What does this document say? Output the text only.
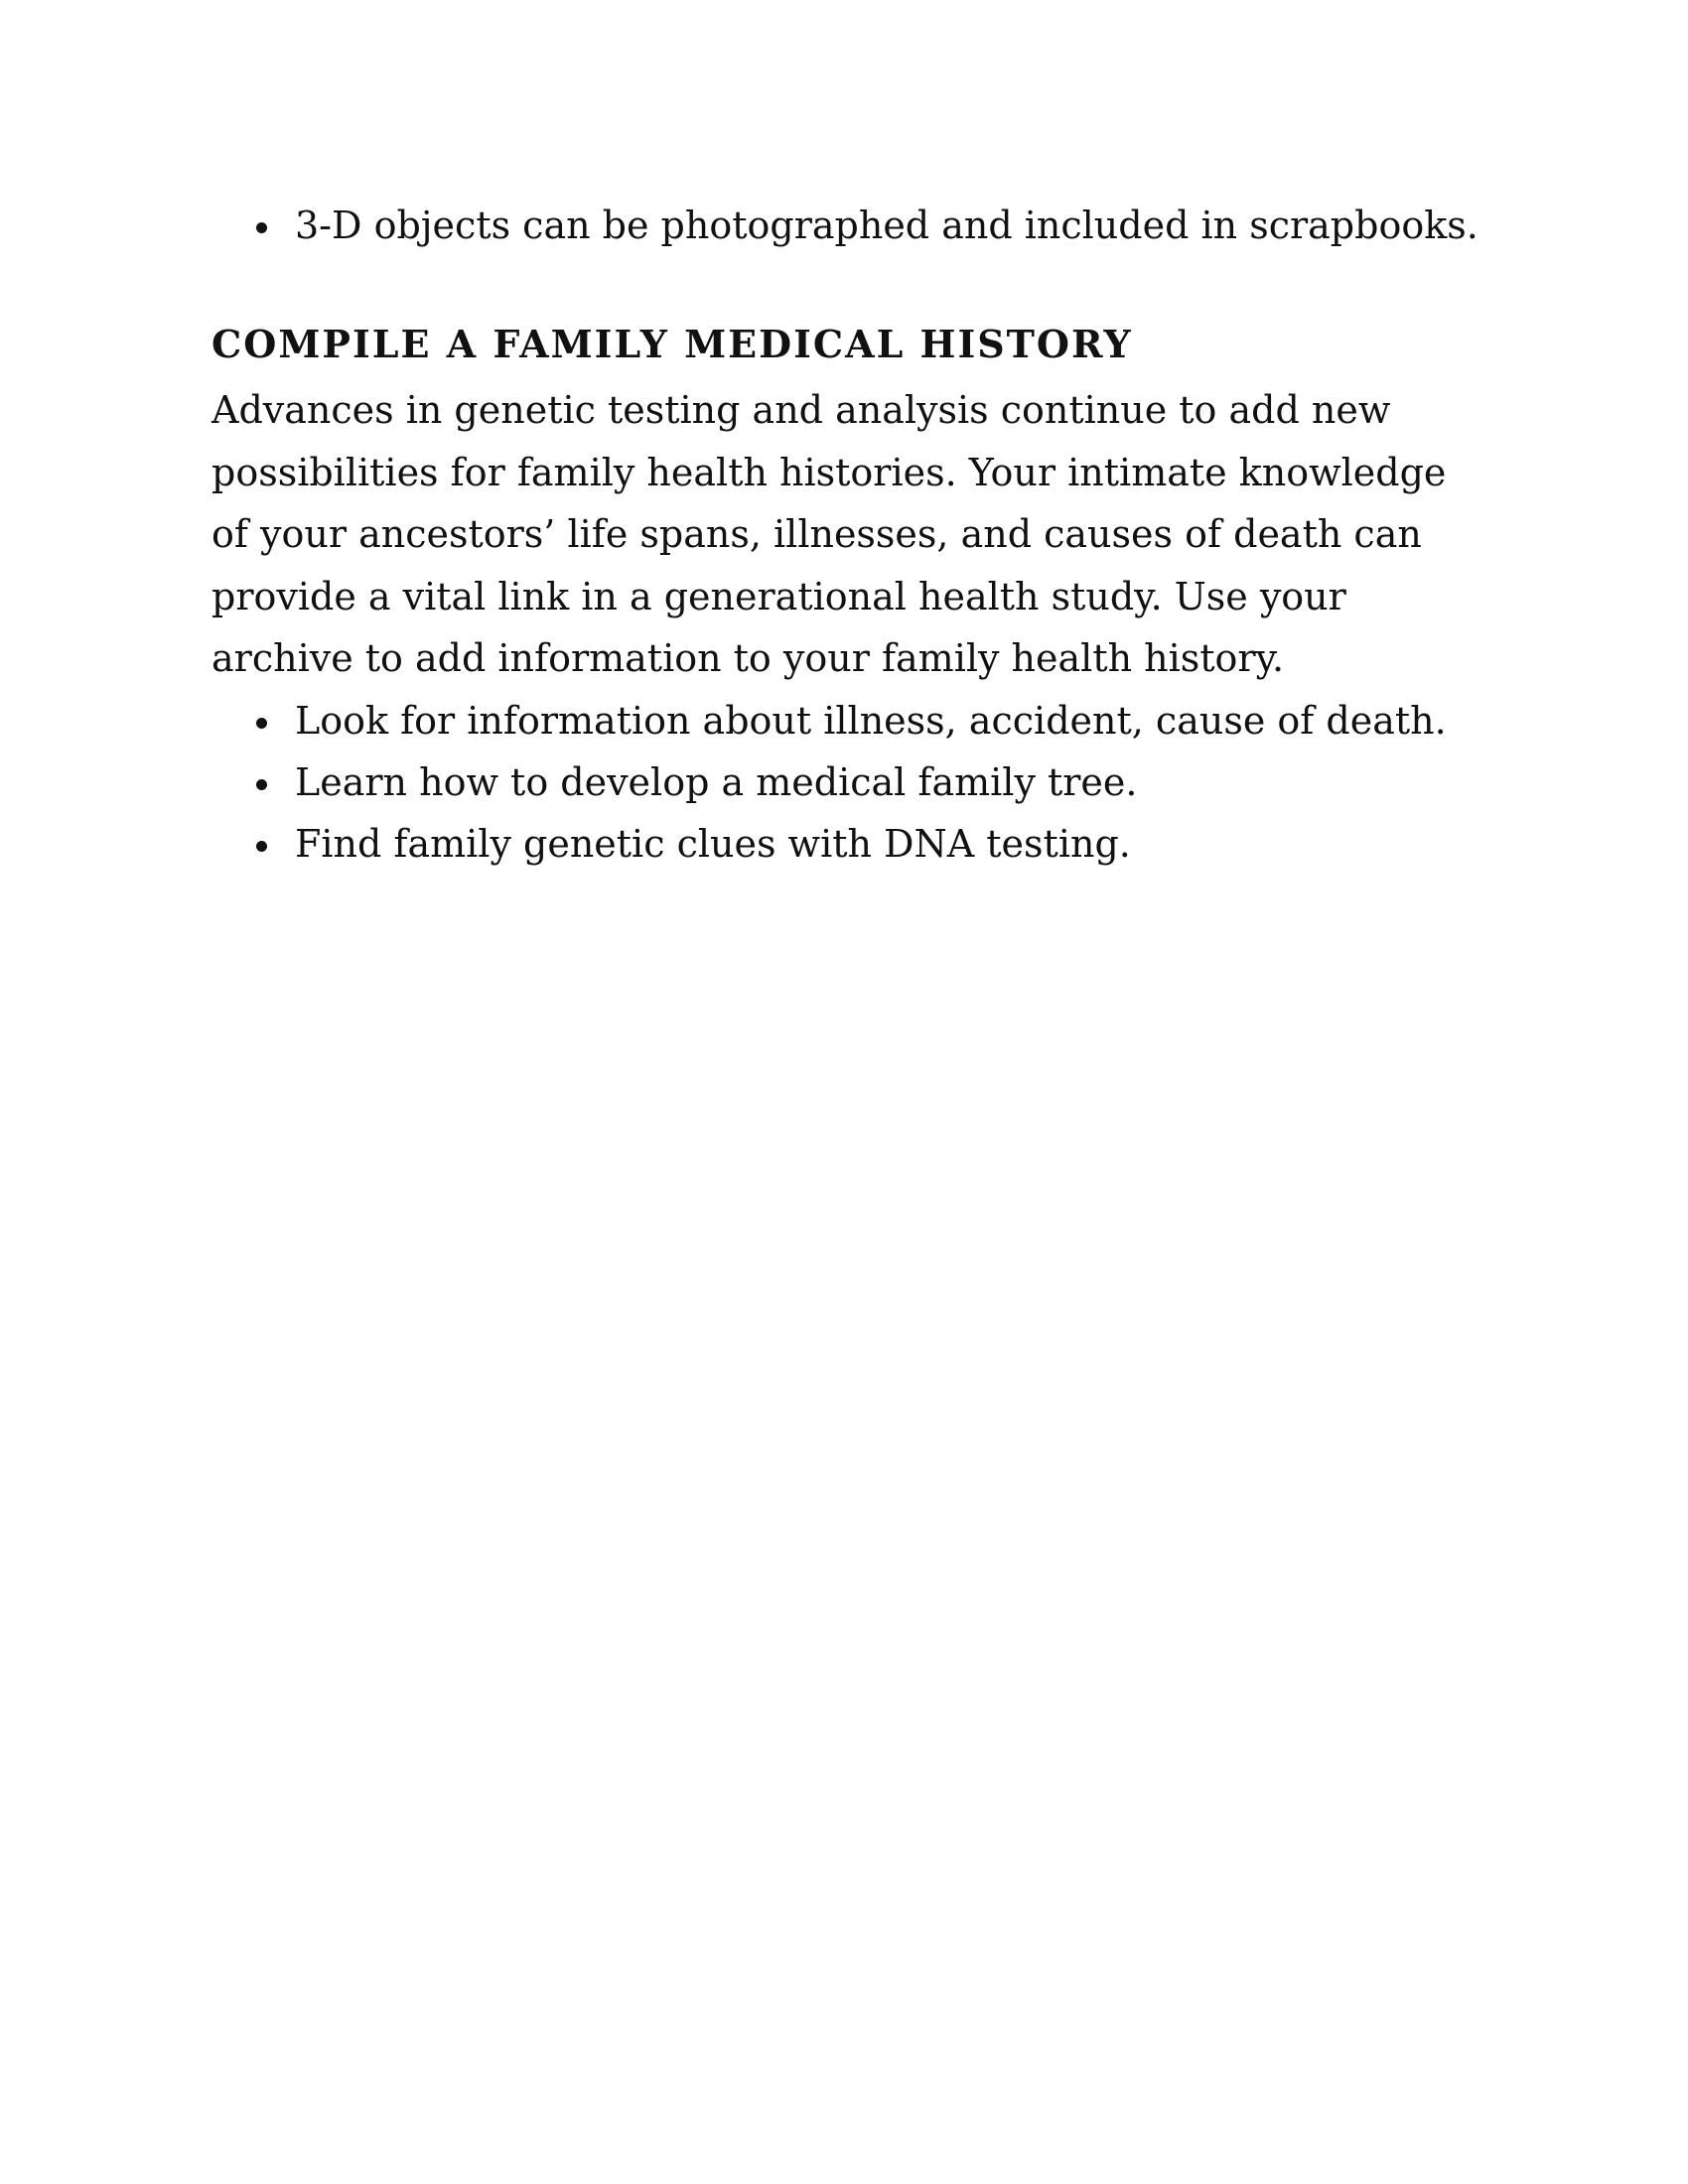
3-D objects can be photographed and included in scrapbooks.
COMPILE A FAMILY MEDICAL HISTORY

Advances in genetic testing and analysis continue to add new possibilities for family health histories. Your intimate knowledge of your ancestors’ life spans, illnesses, and causes of death can provide a vital link in a generational health study. Use your archive to add information to your family health history.

Look for information about illness, accident, cause of death.
Learn how to develop a medical family tree.
Find family genetic clues with DNA testing.
